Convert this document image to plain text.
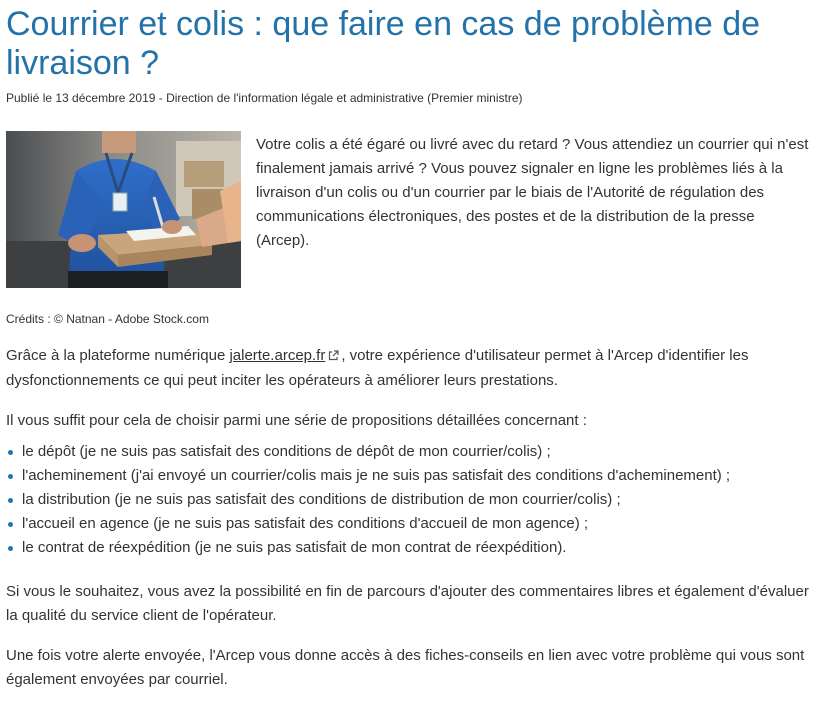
Courrier et colis : que faire en cas de problème de livraison ?

Publié le 13 décembre 2019 - Direction de l'information légale et administrative (Premier ministre)

Votre colis a été égaré ou livré avec du retard ? Vous attendiez un courrier qui n'est finalement jamais arrivé ? Vous pouvez signaler en ligne les problèmes liés à la livraison d'un colis ou d'un courrier par le biais de l'Autorité de régulation des communications électroniques, des postes et de la distribution de la presse (Arcep).

Crédits : © Natnan - Adobe Stock.com

Grâce à la plateforme numérique jalerte.arcep.fr , votre expérience d'utilisateur permet à l'Arcep d'identifier les dysfonctionnements ce qui peut inciter les opérateurs à améliorer leurs prestations.

Il vous suffit pour cela de choisir parmi une série de propositions détaillées concernant :

le dépôt (je ne suis pas satisfait des conditions de dépôt de mon courrier/colis) ;
l'acheminement (j'ai envoyé un courrier/colis mais je ne suis pas satisfait des conditions d'acheminement) ;
la distribution (je ne suis pas satisfait des conditions de distribution de mon courrier/colis) ;
l'accueil en agence (je ne suis pas satisfait des conditions d'accueil de mon agence) ;
le contrat de réexpédition (je ne suis pas satisfait de mon contrat de réexpédition).

Si vous le souhaitez, vous avez la possibilité en fin de parcours d'ajouter des commentaires libres et également d'évaluer la qualité du service client de l'opérateur.

Une fois votre alerte envoyée, l'Arcep vous donne accès à des fiches-conseils en lien avec votre problème qui vous sont également envoyées par courriel.
